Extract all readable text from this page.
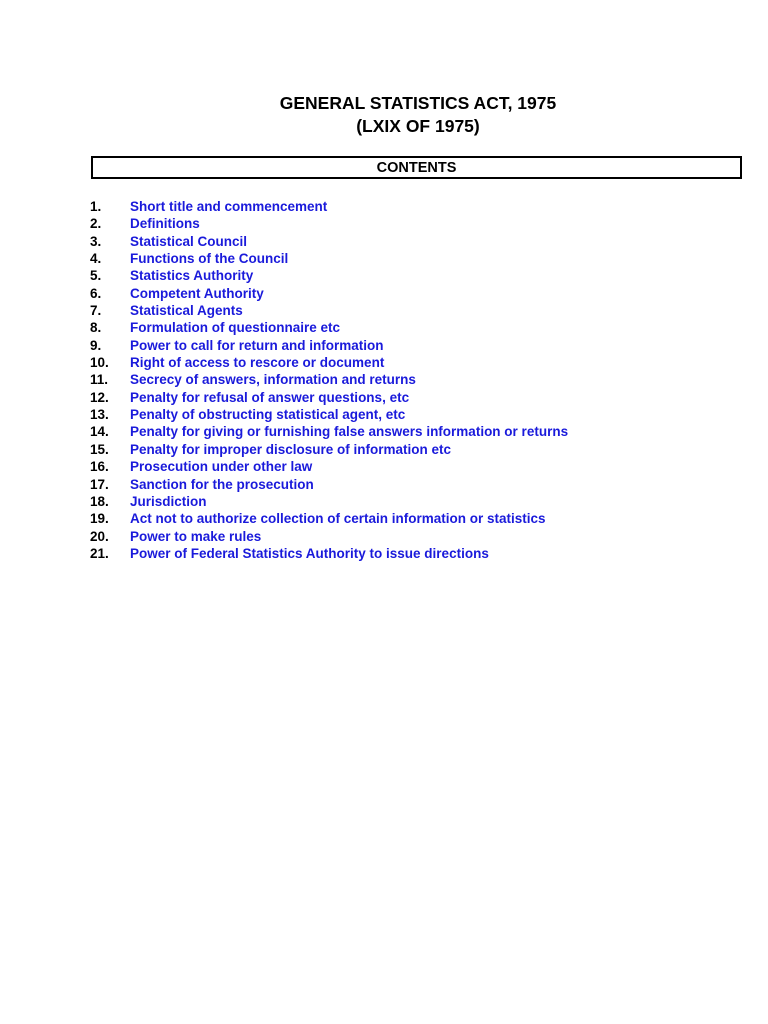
GENERAL STATISTICS ACT, 1975
(LXIX OF 1975)
CONTENTS
1. Short title and commencement
2. Definitions
3. Statistical Council
4. Functions of the Council
5. Statistics Authority
6. Competent Authority
7. Statistical Agents
8. Formulation of questionnaire etc
9. Power to call for return and information
10. Right of access to rescore or document
11. Secrecy of answers, information and returns
12. Penalty for refusal of answer questions, etc
13. Penalty of obstructing statistical agent, etc
14. Penalty for giving or furnishing false answers information or returns
15. Penalty for improper disclosure of information etc
16. Prosecution under other law
17. Sanction for the prosecution
18. Jurisdiction
19. Act not to authorize collection of certain information or statistics
20. Power to make rules
21. Power of Federal Statistics Authority to issue directions
